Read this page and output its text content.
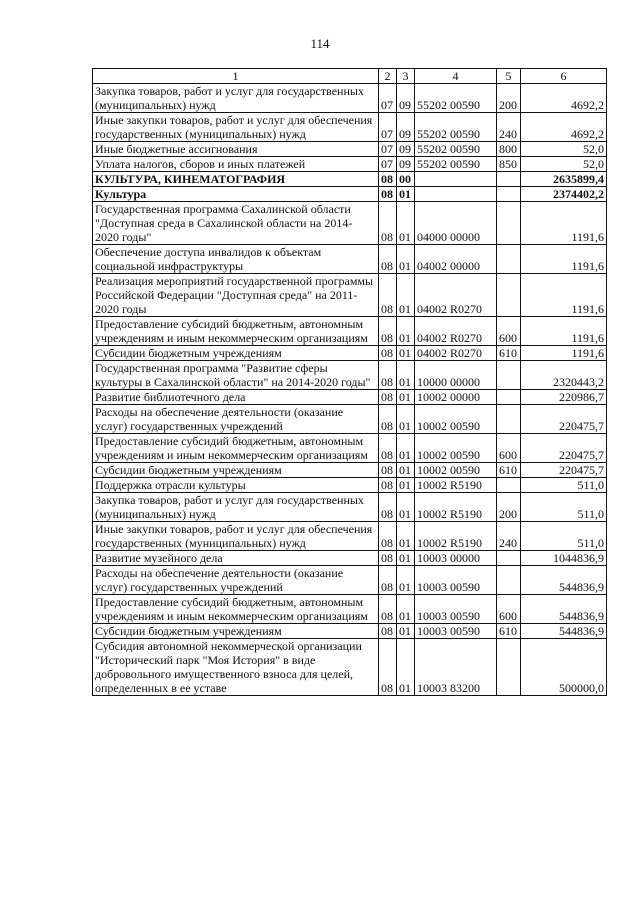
114
1	2	3	4	5	6
Закупка товаров, работ и услуг для государственных (муниципальных) нужд	07	09	55202 00590	200	4692,2
Иные закупки товаров, работ и услуг для обеспечения государственных (муниципальных) нужд	07	09	55202 00590	240	4692,2
Иные бюджетные ассигнования	07	09	55202 00590	800	52,0
Уплата налогов, сборов и иных платежей	07	09	55202 00590	850	52,0
КУЛЬТУРА, КИНЕМАТОГРАФИЯ	08	00			2635899,4
Культура	08	01			2374402,2
Государственная программа Сахалинской области "Доступная среда в Сахалинской области на 2014-2020 годы"	08	01	04000 00000		1191,6
Обеспечение доступа инвалидов к объектам социальной инфраструктуры	08	01	04002 00000		1191,6
Реализация мероприятий государственной программы Российской Федерации "Доступная среда" на 2011-2020 годы	08	01	04002 R0270		1191,6
Предоставление субсидий бюджетным, автономным учреждениям и иным некоммерческим организациям	08	01	04002 R0270	600	1191,6
Субсидии бюджетным учреждениям	08	01	04002 R0270	610	1191,6
Государственная программа "Развитие сферы культуры в Сахалинской области" на 2014-2020 годы"	08	01	10000 00000		2320443,2
Развитие библиотечного дела	08	01	10002 00000		220986,7
Расходы на обеспечение деятельности (оказание услуг) государственных учреждений	08	01	10002 00590		220475,7
Предоставление субсидий бюджетным, автономным учреждениям и иным некоммерческим организациям	08	01	10002 00590	600	220475,7
Субсидии бюджетным учреждениям	08	01	10002 00590	610	220475,7
Поддержка отрасли культуры	08	01	10002 R5190		511,0
Закупка товаров, работ и услуг для государственных (муниципальных) нужд	08	01	10002 R5190	200	511,0
Иные закупки товаров, работ и услуг для обеспечения государственных (муниципальных) нужд	08	01	10002 R5190	240	511,0
Развитие музейного дела	08	01	10003 00000		1044836,9
Расходы на обеспечение деятельности (оказание услуг) государственных учреждений	08	01	10003 00590		544836,9
Предоставление субсидий бюджетным, автономным учреждениям и иным некоммерческим организациям	08	01	10003 00590	600	544836,9
Субсидии бюджетным учреждениям	08	01	10003 00590	610	544836,9
Субсидия автономной некоммерческой организации "Исторический парк "Моя История" в виде добровольного имущественного взноса для целей, определенных в ее уставе	08	01	10003 83200		500000,0
